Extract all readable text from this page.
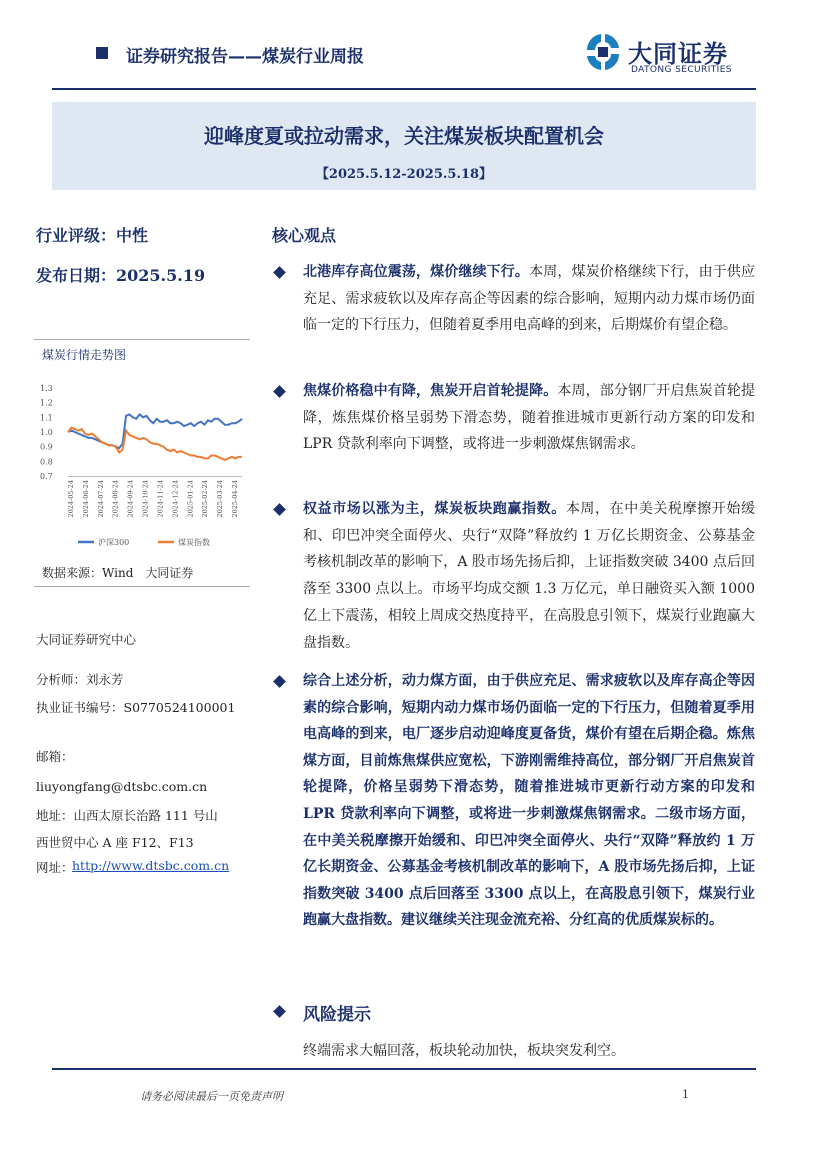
证券研究报告——煤炭行业周报	大同证券
DATONG SECURITIES
迎峰度夏或拉动需求，关注煤炭板块配置机会
【2025.5.12-2025.5.18】
行业评级：中性
发布日期：2025.5.19
煤炭行情走势图
1.3
1.2
1.1
1.0
0.9
0.8
0.7
2024-05-24 2024-06-24 2024-07-24 2024-08-24 2024-09-24 2024-10-24 2024-11-24 2024-12-24 2025-01-24 2025-02-24 2025-03-24 2025-04-24
沪深300	煤炭指数
数据来源：Wind　大同证券
大同证券研究中心
分析师：刘永芳
执业证书编号：S0770524100001
邮箱：
liuyongfang@dtsbc.com.cn
地址：山西太原长治路 111 号山
西世贸中心 A 座 F12、F13
网址：
http://www.dtsbc.com.cn
核心观点
北港库存高位震荡，煤价继续下行。本周，煤炭价格继续下行，由于供应充足、需求疲软以及库存高企等因素的综合影响，短期内动力煤市场仍面临一定的下行压力，但随着夏季用电高峰的到来，后期煤价有望企稳。
焦煤价格稳中有降，焦炭开启首轮提降。本周，部分钢厂开启焦炭首轮提降，炼焦煤价格呈弱势下滑态势，随着推进城市更新行动方案的印发和 LPR 贷款利率向下调整，或将进一步刺激煤焦钢需求。
权益市场以涨为主，煤炭板块跑赢指数。本周，在中美关税摩擦开始缓和、印巴冲突全面停火、央行“双降”释放约 1 万亿长期资金、公募基金考核机制改革的影响下，A 股市场先扬后抑，上证指数突破 3400 点后回落至 3300 点以上。市场平均成交额 1.3 万亿元，单日融资买入额 1000 亿上下震荡，相较上周成交热度持平，在高股息引领下，煤炭行业跑赢大盘指数。
综合上述分析，动力煤方面，由于供应充足、需求疲软以及库存高企等因素的综合影响，短期内动力煤市场仍面临一定的下行压力，但随着夏季用电高峰的到来，电厂逐步启动迎峰度夏备货，煤价有望在后期企稳。炼焦煤方面，目前炼焦煤供应宽松，下游刚需维持高位，部分钢厂开启焦炭首轮提降，价格呈弱势下滑态势，随着推进城市更新行动方案的印发和 LPR 贷款利率向下调整，或将进一步刺激煤焦钢需求。二级市场方面，在中美关税摩擦开始缓和、印巴冲突全面停火、央行“双降”释放约 1 万亿长期资金、公募基金考核机制改革的影响下，A 股市场先扬后抑，上证指数突破 3400 点后回落至 3300 点以上，在高股息引领下，煤炭行业跑赢大盘指数。建议继续关注现金流充裕、分红高的优质煤炭标的。
风险提示
终端需求大幅回落，板块轮动加快，板块突发利空。
请务必阅读最后一页免责声明	1
